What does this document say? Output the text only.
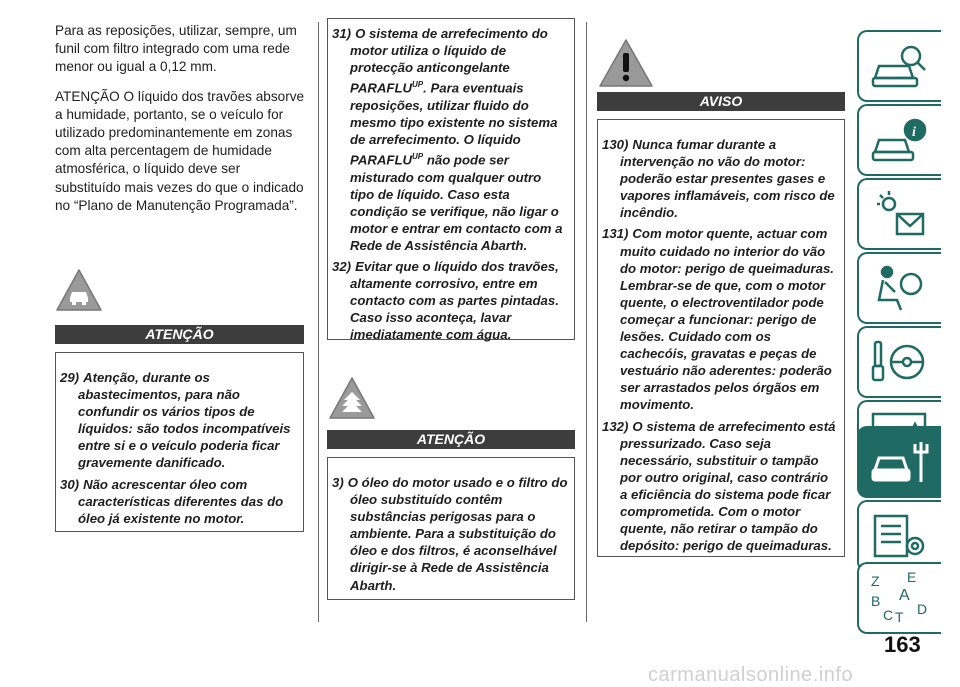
Para as reposições, utilizar, sempre, um funil com filtro integrado com uma rede menor ou igual a 0,12 mm.

ATENÇÃO O líquido dos travões absorve a humidade, portanto, se o veículo for utilizado predominantemente em zonas com alta percentagem de humidade atmosférica, o líquido deve ser substituído mais vezes do que o indicado no “Plano de Manutenção Programada”.

ATENÇÃO
29) Atenção, durante os abastecimentos, para não confundir os vários tipos de líquidos: são todos incompatíveis entre si e o veículo poderia ficar gravemente danificado.
30) Não acrescentar óleo com características diferentes das do óleo já existente no motor.
31) O sistema de arrefecimento do motor utiliza o líquido de protecção anticongelante $PARAFLU^{UP}$. Para eventuais reposições, utilizar fluido do mesmo tipo existente no sistema de arrefecimento. O líquido $PARAFLU^{UP}$ não pode ser misturado com qualquer outro tipo de líquido. Caso esta condição se verifique, não ligar o motor e entrar em contacto com a Rede de Assistência Abarth.
32) Evitar que o líquido dos travões, altamente corrosivo, entre em contacto com as partes pintadas. Caso isso aconteça, lavar imediatamente com água.
ATENÇÃO
3) O óleo do motor usado e o filtro do óleo substituído contêm substâncias perigosas para o ambiente. Para a substituição do óleo e dos filtros, é aconselhável dirigir-se à Rede de Assistência Abarth.
AVISO
130) Nunca fumar durante a intervenção no vão do motor: poderão estar presentes gases e vapores inflamáveis, com risco de incêndio.
131) Com motor quente, actuar com muito cuidado no interior do vão do motor: perigo de queimaduras. Lembrar-se de que, com o motor quente, o electroventilador pode começar a funcionar: perigo de lesões. Cuidado com os cachecóis, gravatas e peças de vestuário não aderentes: poderão ser arrastados pelos órgãos em movimento.
132) O sistema de arrefecimento está pressurizado. Caso seja necessário, substituir o tampão por outro original, caso contrário a eficiência do sistema pode ficar comprometida. Com o motor quente, não retirar o tampão do depósito: perigo de queimaduras.
i
Z E
A
B
C T D
163
carmanualsonline.info
